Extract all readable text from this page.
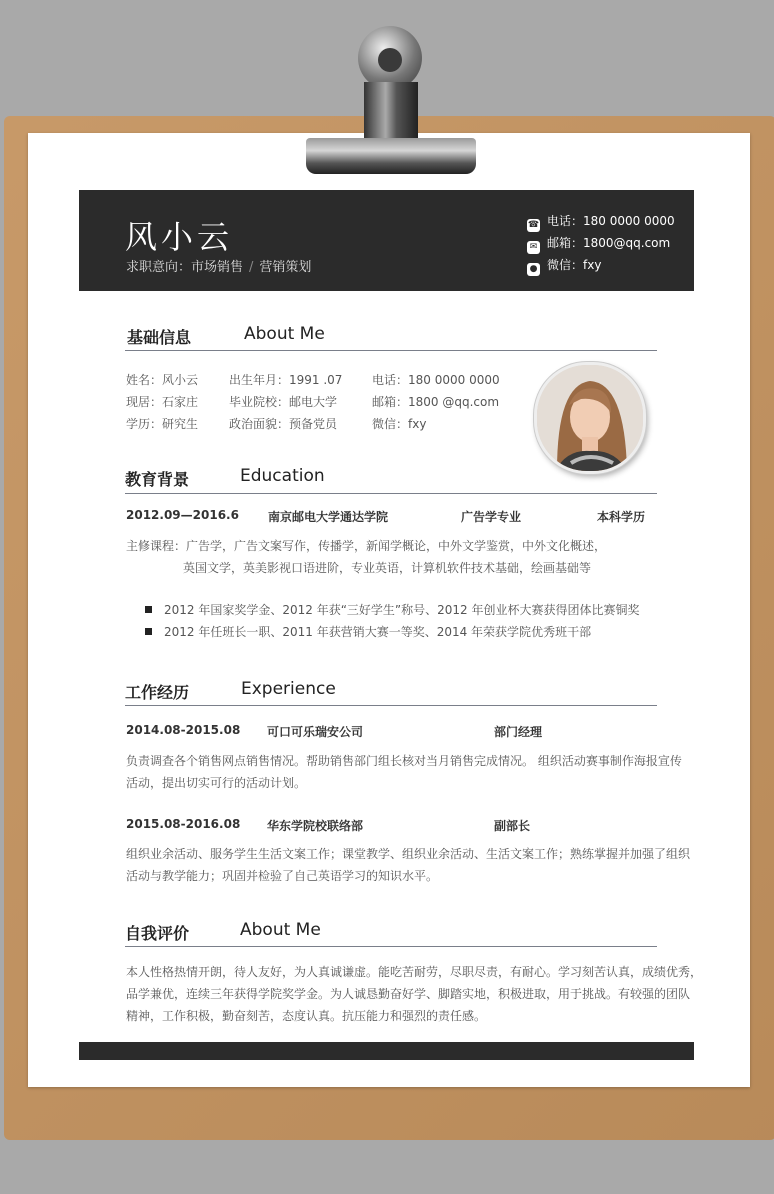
风小云
求职意向：市场销售 / 营销策划
☎ 电话：180 0000 0000
✉ 邮箱：1800@qq.com
● 微信：fxy
基础信息	About Me
姓名：风小云	出生年月：1991 .07 电话：180 0000 0000
现居：石家庄	毕业院校：邮电大学	邮箱：1800 @qq.com
学历：研究生	政治面貌：预备党员	微信：fxy
教育背景	Education
2012.09—2016.6 南京邮电大学通达学院	广告学专业	本科学历
主修课程：广告学，广告文案写作，传播学，新闻学概论，中外文学鉴赏，中外文化概述，
英国文学，英美影视口语进阶，专业英语，计算机软件技术基础，绘画基础等
2012 年国家奖学金、2012 年获“三好学生”称号、2012 年创业杯大赛获得团体比赛铜奖
2012 年任班长一职、2011 年获营销大赛一等奖、2014 年荣获学院优秀班干部
工作经历	Experience
2014.08-2015.08 可口可乐瑞安公司	部门经理
负责调查各个销售网点销售情况。帮助销售部门组长核对当月销售完成情况。 组织活动赛事制作海报宣传
活动，提出切实可行的活动计划。
2015.08-2016.08 华东学院校联络部	副部长
组织业余活动、服务学生生活文案工作；课堂教学、组织业余活动、生活文案工作；熟练掌握并加强了组织
活动与教学能力；巩固并检验了自己英语学习的知识水平。
自我评价	About Me
本人性格热情开朗，待人友好，为人真诚谦虚。能吃苦耐劳，尽职尽责，有耐心。学习刻苦认真，成绩优秀，
品学兼优，连续三年获得学院奖学金。为人诚恳勤奋好学、脚踏实地，积极进取，用于挑战。有较强的团队
精神，工作积极，勤奋刻苦，态度认真。抗压能力和强烈的责任感。
